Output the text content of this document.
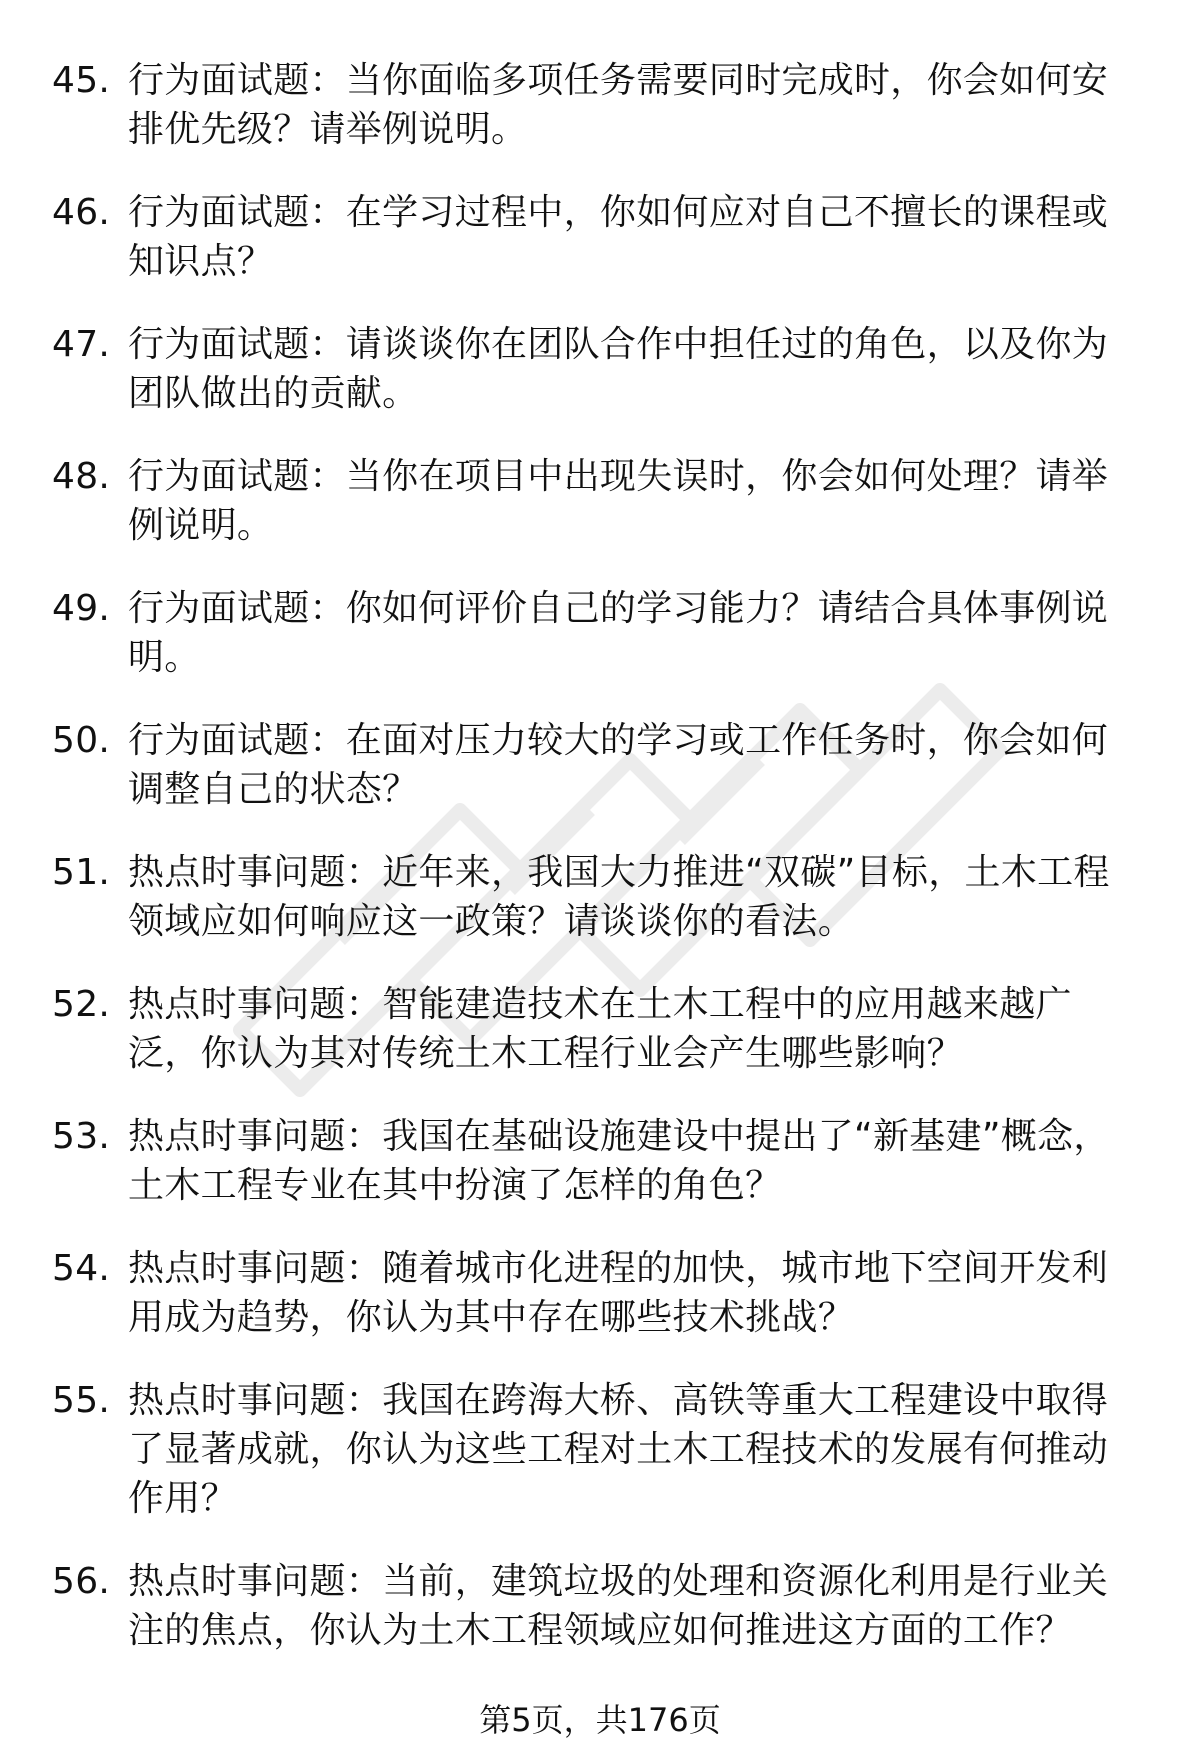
45. 行为面试题：当你面临多项任务需要同时完成时，你会如何安排优先级？请举例说明。
46. 行为面试题：在学习过程中，你如何应对自己不擅长的课程或知识点？
47. 行为面试题：请谈谈你在团队合作中担任过的角色，以及你为团队做出的贡献。
48. 行为面试题：当你在项目中出现失误时，你会如何处理？请举例说明。
49. 行为面试题：你如何评价自己的学习能力？请结合具体事例说明。
50. 行为面试题：在面对压力较大的学习或工作任务时，你会如何调整自己的状态？
51. 热点时事问题：近年来，我国大力推进“双碳”目标，土木工程领域应如何响应这一政策？请谈谈你的看法。
52. 热点时事问题：智能建造技术在土木工程中的应用越来越广泛，你认为其对传统土木工程行业会产生哪些影响？
53. 热点时事问题：我国在基础设施建设中提出了“新基建”概念，土木工程专业在其中扮演了怎样的角色？
54. 热点时事问题：随着城市化进程的加快，城市地下空间开发利用成为趋势，你认为其中存在哪些技术挑战？
55. 热点时事问题：我国在跨海大桥、高铁等重大工程建设中取得了显著成就，你认为这些工程对土木工程技术的发展有何推动作用？
56. 热点时事问题：当前，建筑垃圾的处理和资源化利用是行业关注的焦点，你认为土木工程领域应如何推进这方面的工作？
第5页，共176页
